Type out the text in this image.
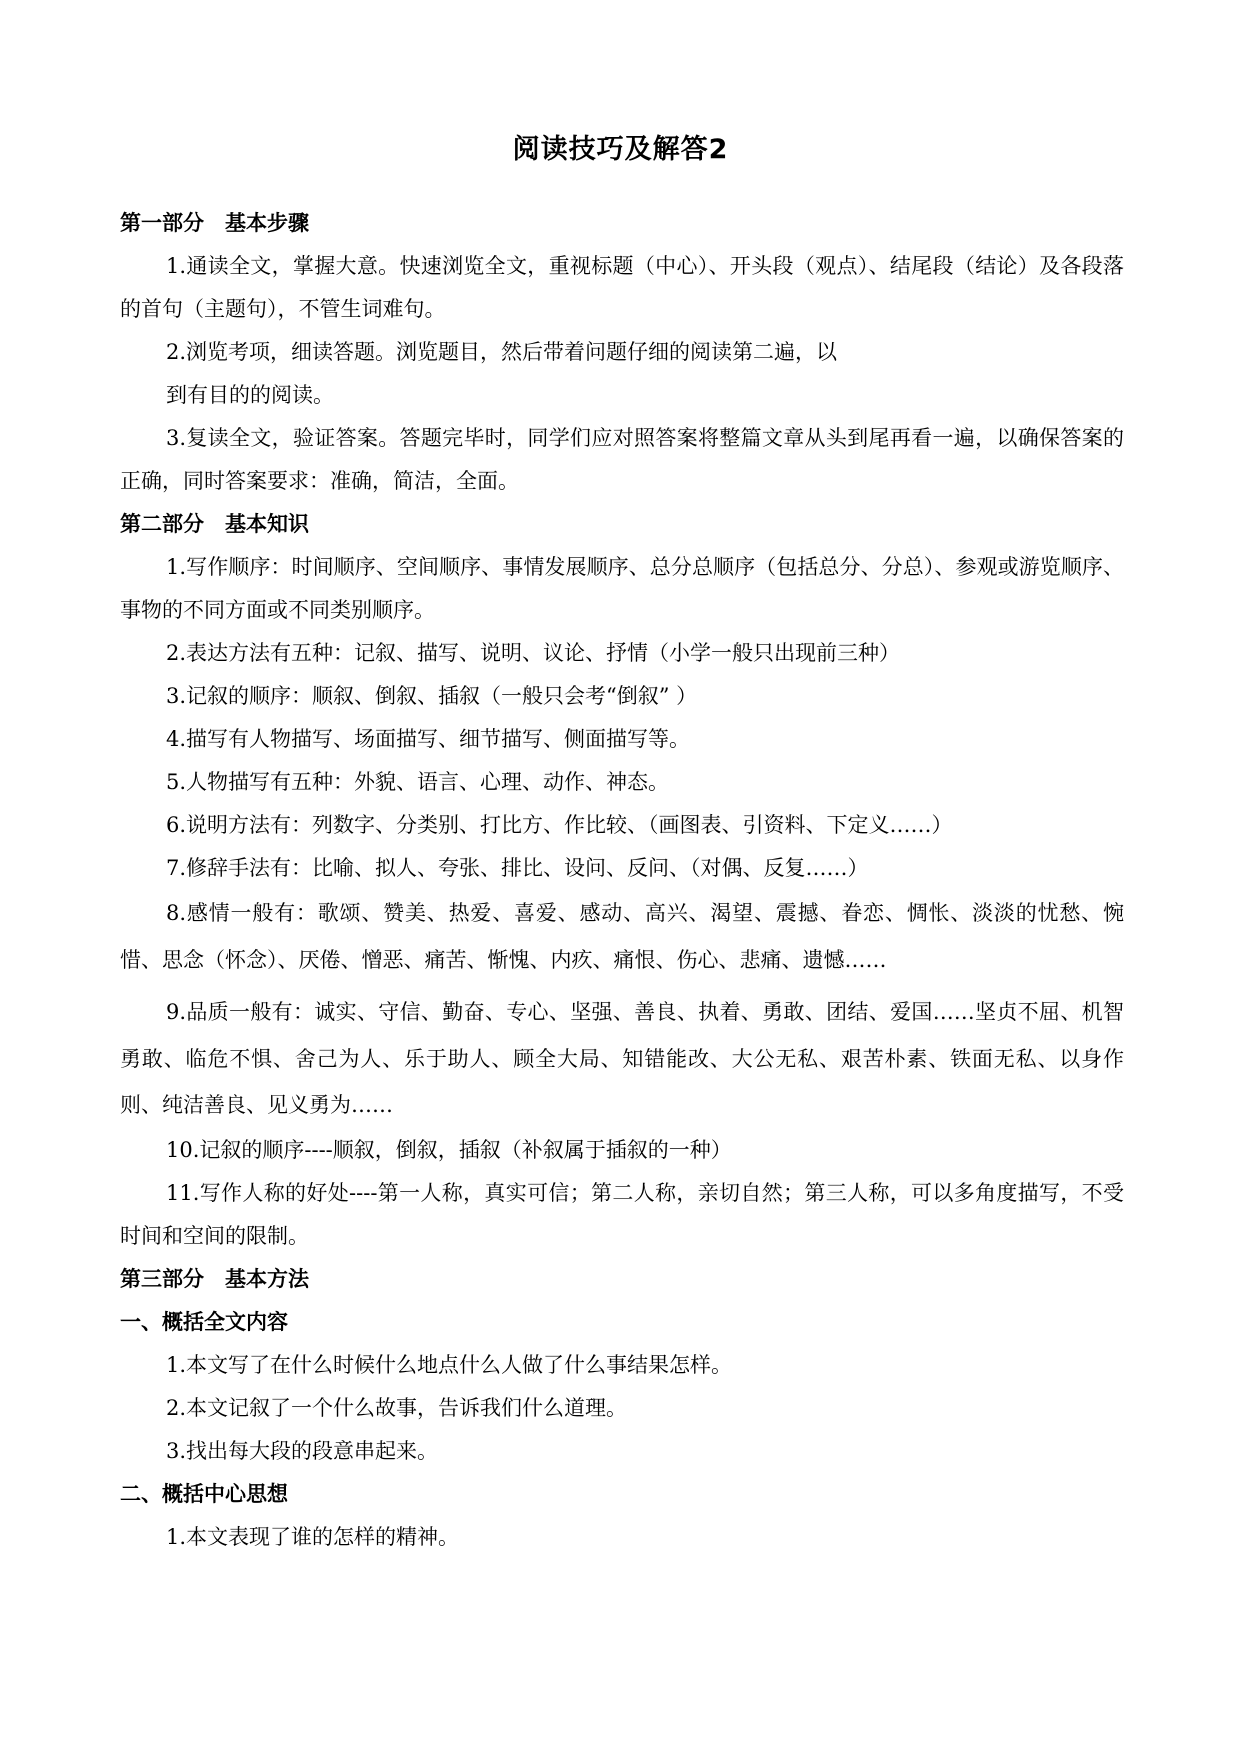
阅读技巧及解答2
第一部分　基本步骤
1.通读全文，掌握大意。快速浏览全文，重视标题（中心）、开头段（观点）、结尾段（结论）及各段落的首句（主题句），不管生词难句。
2.浏览考项，细读答题。浏览题目，然后带着问题仔细的阅读第二遍，以
到有目的的阅读。
3.复读全文，验证答案。答题完毕时，同学们应对照答案将整篇文章从头到尾再看一遍，以确保答案的正确，同时答案要求：准确，简洁，全面。
第二部分　基本知识
1.写作顺序：时间顺序、空间顺序、事情发展顺序、总分总顺序（包括总分、分总）、参观或游览顺序、事物的不同方面或不同类别顺序。
2.表达方法有五种：记叙、描写、说明、议论、抒情（小学一般只出现前三种）
3.记叙的顺序：顺叙、倒叙、插叙（一般只会考“倒叙” ）
4.描写有人物描写、场面描写、细节描写、侧面描写等。
5.人物描写有五种：外貌、语言、心理、动作、神态。
6.说明方法有：列数字、分类别、打比方、作比较、（画图表、引资料、下定义……）
7.修辞手法有：比喻、拟人、夸张、排比、设问、反问、（对偶、反复……）
8.感情一般有：歌颂、赞美、热爱、喜爱、感动、高兴、渴望、震撼、眷恋、惆怅、淡淡的忧愁、惋惜、思念（怀念）、厌倦、憎恶、痛苦、惭愧、内疚、痛恨、伤心、悲痛、遗憾……
9.品质一般有：诚实、守信、勤奋、专心、坚强、善良、执着、勇敢、团结、爱国……坚贞不屈、机智勇敢、临危不惧、舍己为人、乐于助人、顾全大局、知错能改、大公无私、艰苦朴素、铁面无私、以身作则、纯洁善良、见义勇为……
10.记叙的顺序----顺叙，倒叙，插叙（补叙属于插叙的一种）
11.写作人称的好处----第一人称，真实可信；第二人称，亲切自然；第三人称，可以多角度描写，不受时间和空间的限制。
第三部分　基本方法
一、概括全文内容
1.本文写了在什么时候什么地点什么人做了什么事结果怎样。
2.本文记叙了一个什么故事，告诉我们什么道理。
3.找出每大段的段意串起来。
二、概括中心思想
1.本文表现了谁的怎样的精神。
